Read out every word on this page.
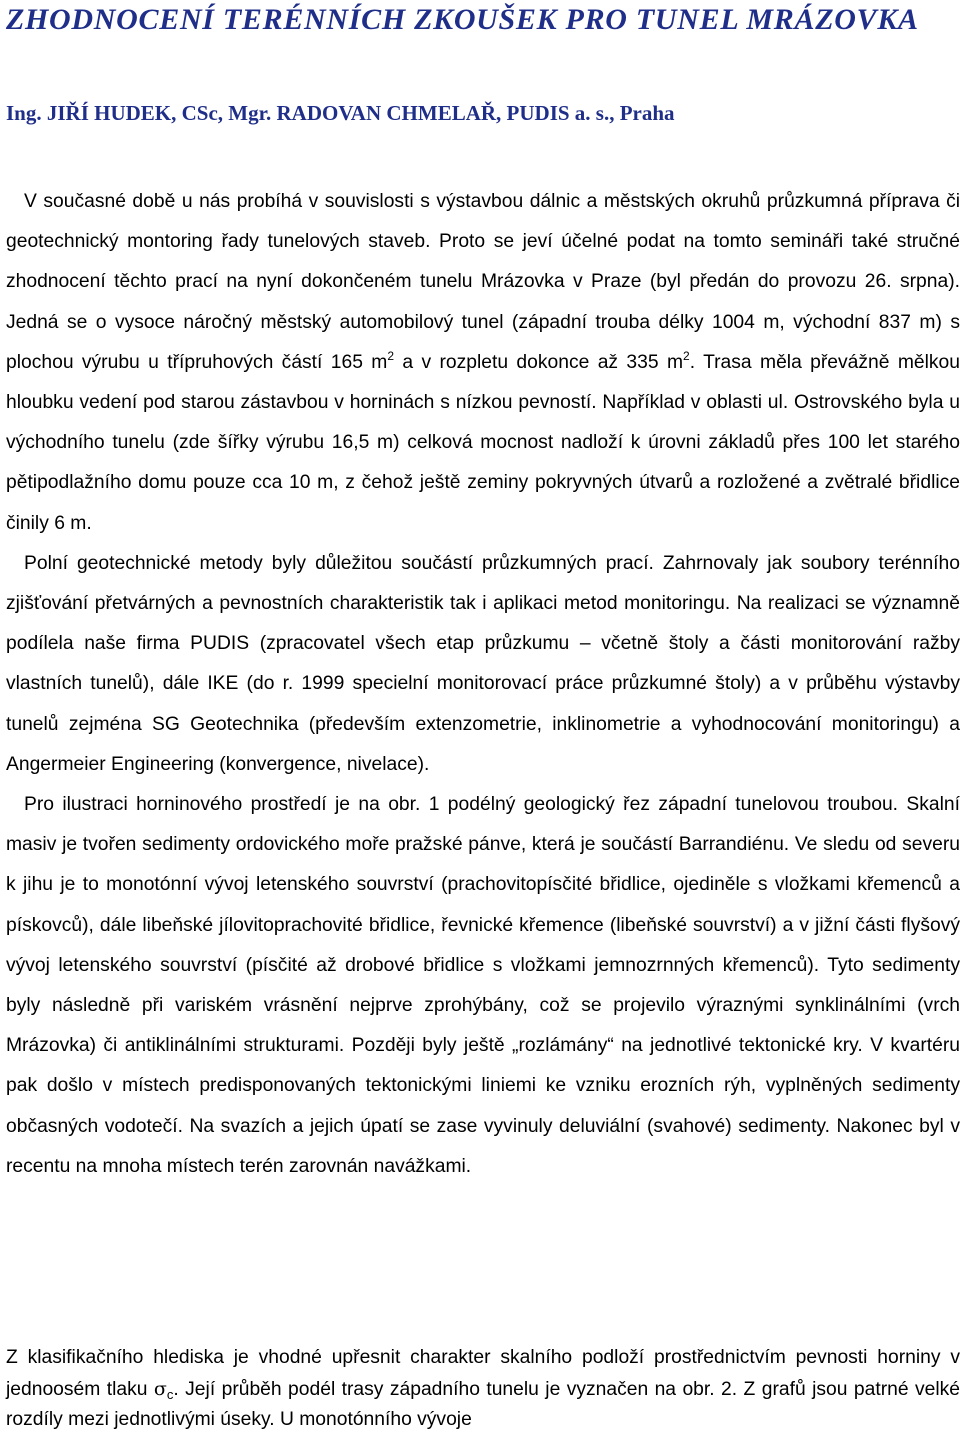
ZHODNOCENÍ TERÉNNÍCH ZKOUŠEK PRO TUNEL MRÁZOVKA

Ing. JIŘÍ HUDEK, CSc, Mgr. RADOVAN CHMELAŘ, PUDIS a. s., Praha

V současné době u nás probíhá v souvislosti s výstavbou dálnic a městských okruhů průzkumná příprava či geotechnický montoring řady tunelových staveb. Proto se jeví účelné podat na tomto semináři také stručné zhodnocení těchto prací na nyní dokončeném tunelu Mrázovka v Praze (byl předán do provozu 26. srpna). Jedná se o vysoce náročný městský automobilový tunel (západní trouba délky 1004 m, východní 837 m) s plochou výrubu u třípruhových částí 165 $m^2$ a v rozpletu dokonce až 335 $m^2$. Trasa měla převážně mělkou hloubku vedení pod starou zástavbou v horninách s nízkou pevností. Například v oblasti ul. Ostrovského byla u východního tunelu (zde šířky výrubu 16,5 m) celková mocnost nadloží k úrovni základů přes 100 let starého pětipodlažního domu pouze cca 10 m, z čehož ještě zeminy pokryvných útvarů a rozložené a zvětralé břidlice činily 6 m.

Polní geotechnické metody byly důležitou součástí průzkumných prací. Zahrnovaly jak soubory terénního zjišťování přetvárných a pevnostních charakteristik tak i aplikaci metod monitoringu. Na realizaci se významně podílela naše firma PUDIS (zpracovatel všech etap průzkumu – včetně štoly a části monitorování ražby vlastních tunelů), dále IKE (do r. 1999 specielní monitorovací práce průzkumné štoly) a v průběhu výstavby tunelů zejména SG Geotechnika (především extenzometrie, inklinometrie a vyhodnocování monitoringu) a Angermeier Engineering (konvergence, nivelace).

Pro ilustraci horninového prostředí je na obr. 1 podélný geologický řez západní tunelovou troubou. Skalní masiv je tvořen sedimenty ordovického moře pražské pánve, která je součástí Barrandiénu. Ve sledu od severu k jihu je to monotónní vývoj letenského souvrství (prachovitopísčité břidlice, ojediněle s vložkami křemenců a pískovců), dále libeňské jílovitoprachovité břidlice, řevnické křemence (libeňské souvrství) a v jižní části flyšový vývoj letenského souvrství (písčité až drobové břidlice s vložkami jemnozrnných křemenců). Tyto sedimenty byly následně při variském vrásnění nejprve zprohýbány, což se projevilo výraznými synklinálními (vrch Mrázovka) či antiklinálními strukturami. Později byly ještě „rozlámány“ na jednotlivé tektonické kry. V kvartéru pak došlo v místech predisponovaných tektonickými liniemi ke vzniku erozních rýh, vyplněných sedimenty občasných vodotečí. Na svazích a jejich úpatí se zase vyvinuly deluviální (svahové) sedimenty. Nakonec byl v recentu na mnoha místech terén zarovnán navážkami.

Z klasifikačního hlediska je vhodné upřesnit charakter skalního podloží prostřednictvím pevnosti horniny v jednoosém tlaku $\sigma_c$. Její průběh podél trasy západního tunelu je vyznačen na obr. 2. Z grafů jsou patrné velké rozdíly mezi jednotlivými úseky. U monotónního vývoje
